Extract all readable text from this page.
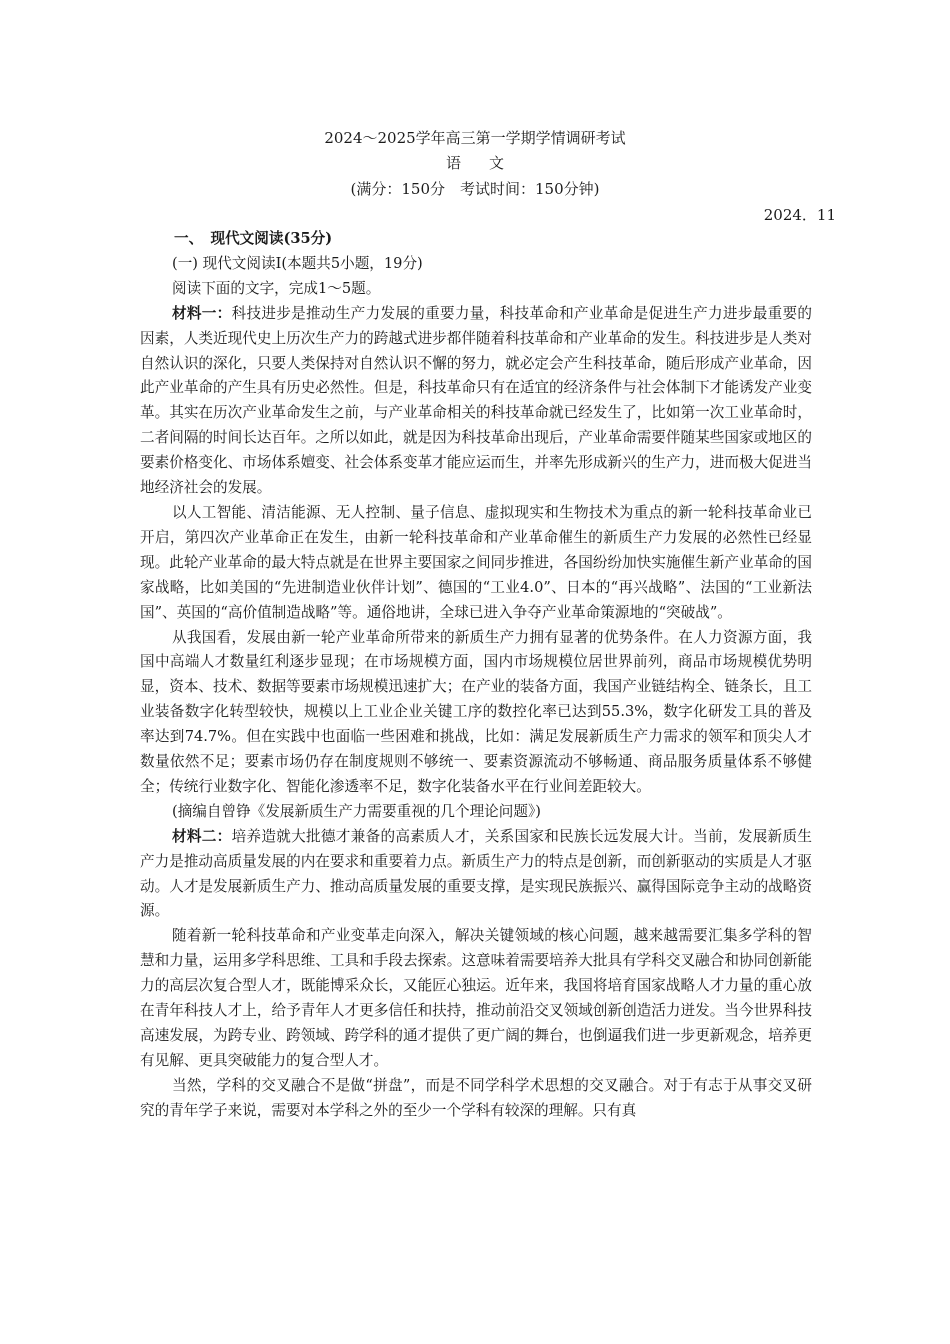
2024～2025学年高三第一学期学情调研考试
语文
(满分：150分　考试时间：150分钟)
2024．11

一、　现代文阅读(35分)

(一) 现代文阅读Ⅰ(本题共5小题，19分)

阅读下面的文字，完成1～5题。

材料一：科技进步是推动生产力发展的重要力量，科技革命和产业革命是促进生产力进步最重要的因素，人类近现代史上历次生产力的跨越式进步都伴随着科技革命和产业革命的发生。科技进步是人类对自然认识的深化，只要人类保持对自然认识不懈的努力，就必定会产生科技革命，随后形成产业革命，因此产业革命的产生具有历史必然性。但是，科技革命只有在适宜的经济条件与社会体制下才能诱发产业变革。其实在历次产业革命发生之前，与产业革命相关的科技革命就已经发生了，比如第一次工业革命时，二者间隔的时间长达百年。之所以如此，就是因为科技革命出现后，产业革命需要伴随某些国家或地区的要素价格变化、市场体系嬗变、社会体系变革才能应运而生，并率先形成新兴的生产力，进而极大促进当地经济社会的发展。

以人工智能、清洁能源、无人控制、量子信息、虚拟现实和生物技术为重点的新一轮科技革命业已开启，第四次产业革命正在发生，由新一轮科技革命和产业革命催生的新质生产力发展的必然性已经显现。此轮产业革命的最大特点就是在世界主要国家之间同步推进，各国纷纷加快实施催生新产业革命的国家战略，比如美国的“先进制造业伙伴计划”、德国的“工业4.0”、日本的“再兴战略”、法国的“工业新法国”、英国的“高价值制造战略”等。通俗地讲，全球已进入争夺产业革命策源地的“突破战”。

从我国看，发展由新一轮产业革命所带来的新质生产力拥有显著的优势条件。在人力资源方面，我国中高端人才数量红利逐步显现；在市场规模方面，国内市场规模位居世界前列，商品市场规模优势明显，资本、技术、数据等要素市场规模迅速扩大；在产业的装备方面，我国产业链结构全、链条长，且工业装备数字化转型较快，规模以上工业企业关键工序的数控化率已达到55.3%，数字化研发工具的普及率达到74.7%。但在实践中也面临一些困难和挑战，比如：满足发展新质生产力需求的领军和顶尖人才数量依然不足；要素市场仍存在制度规则不够统一、要素资源流动不够畅通、商品服务质量体系不够健全；传统行业数字化、智能化渗透率不足，数字化装备水平在行业间差距较大。

(摘编自曾铮《发展新质生产力需要重视的几个理论问题》)

材料二：培养造就大批德才兼备的高素质人才，关系国家和民族长远发展大计。当前，发展新质生产力是推动高质量发展的内在要求和重要着力点。新质生产力的特点是创新，而创新驱动的实质是人才驱动。人才是发展新质生产力、推动高质量发展的重要支撑，是实现民族振兴、赢得国际竞争主动的战略资源。

随着新一轮科技革命和产业变革走向深入，解决关键领域的核心问题，越来越需要汇集多学科的智慧和力量，运用多学科思维、工具和手段去探索。这意味着需要培养大批具有学科交叉融合和协同创新能力的高层次复合型人才，既能博采众长，又能匠心独运。近年来，我国将培育国家战略人才力量的重心放在青年科技人才上，给予青年人才更多信任和扶持，推动前沿交叉领域创新创造活力迸发。当今世界科技高速发展，为跨专业、跨领域、跨学科的通才提供了更广阔的舞台，也倒逼我们进一步更新观念，培养更有见解、更具突破能力的复合型人才。

当然，学科的交叉融合不是做“拼盘”，而是不同学科学术思想的交叉融合。对于有志于从事交叉研究的青年学子来说，需要对本学科之外的至少一个学科有较深的理解。只有真
